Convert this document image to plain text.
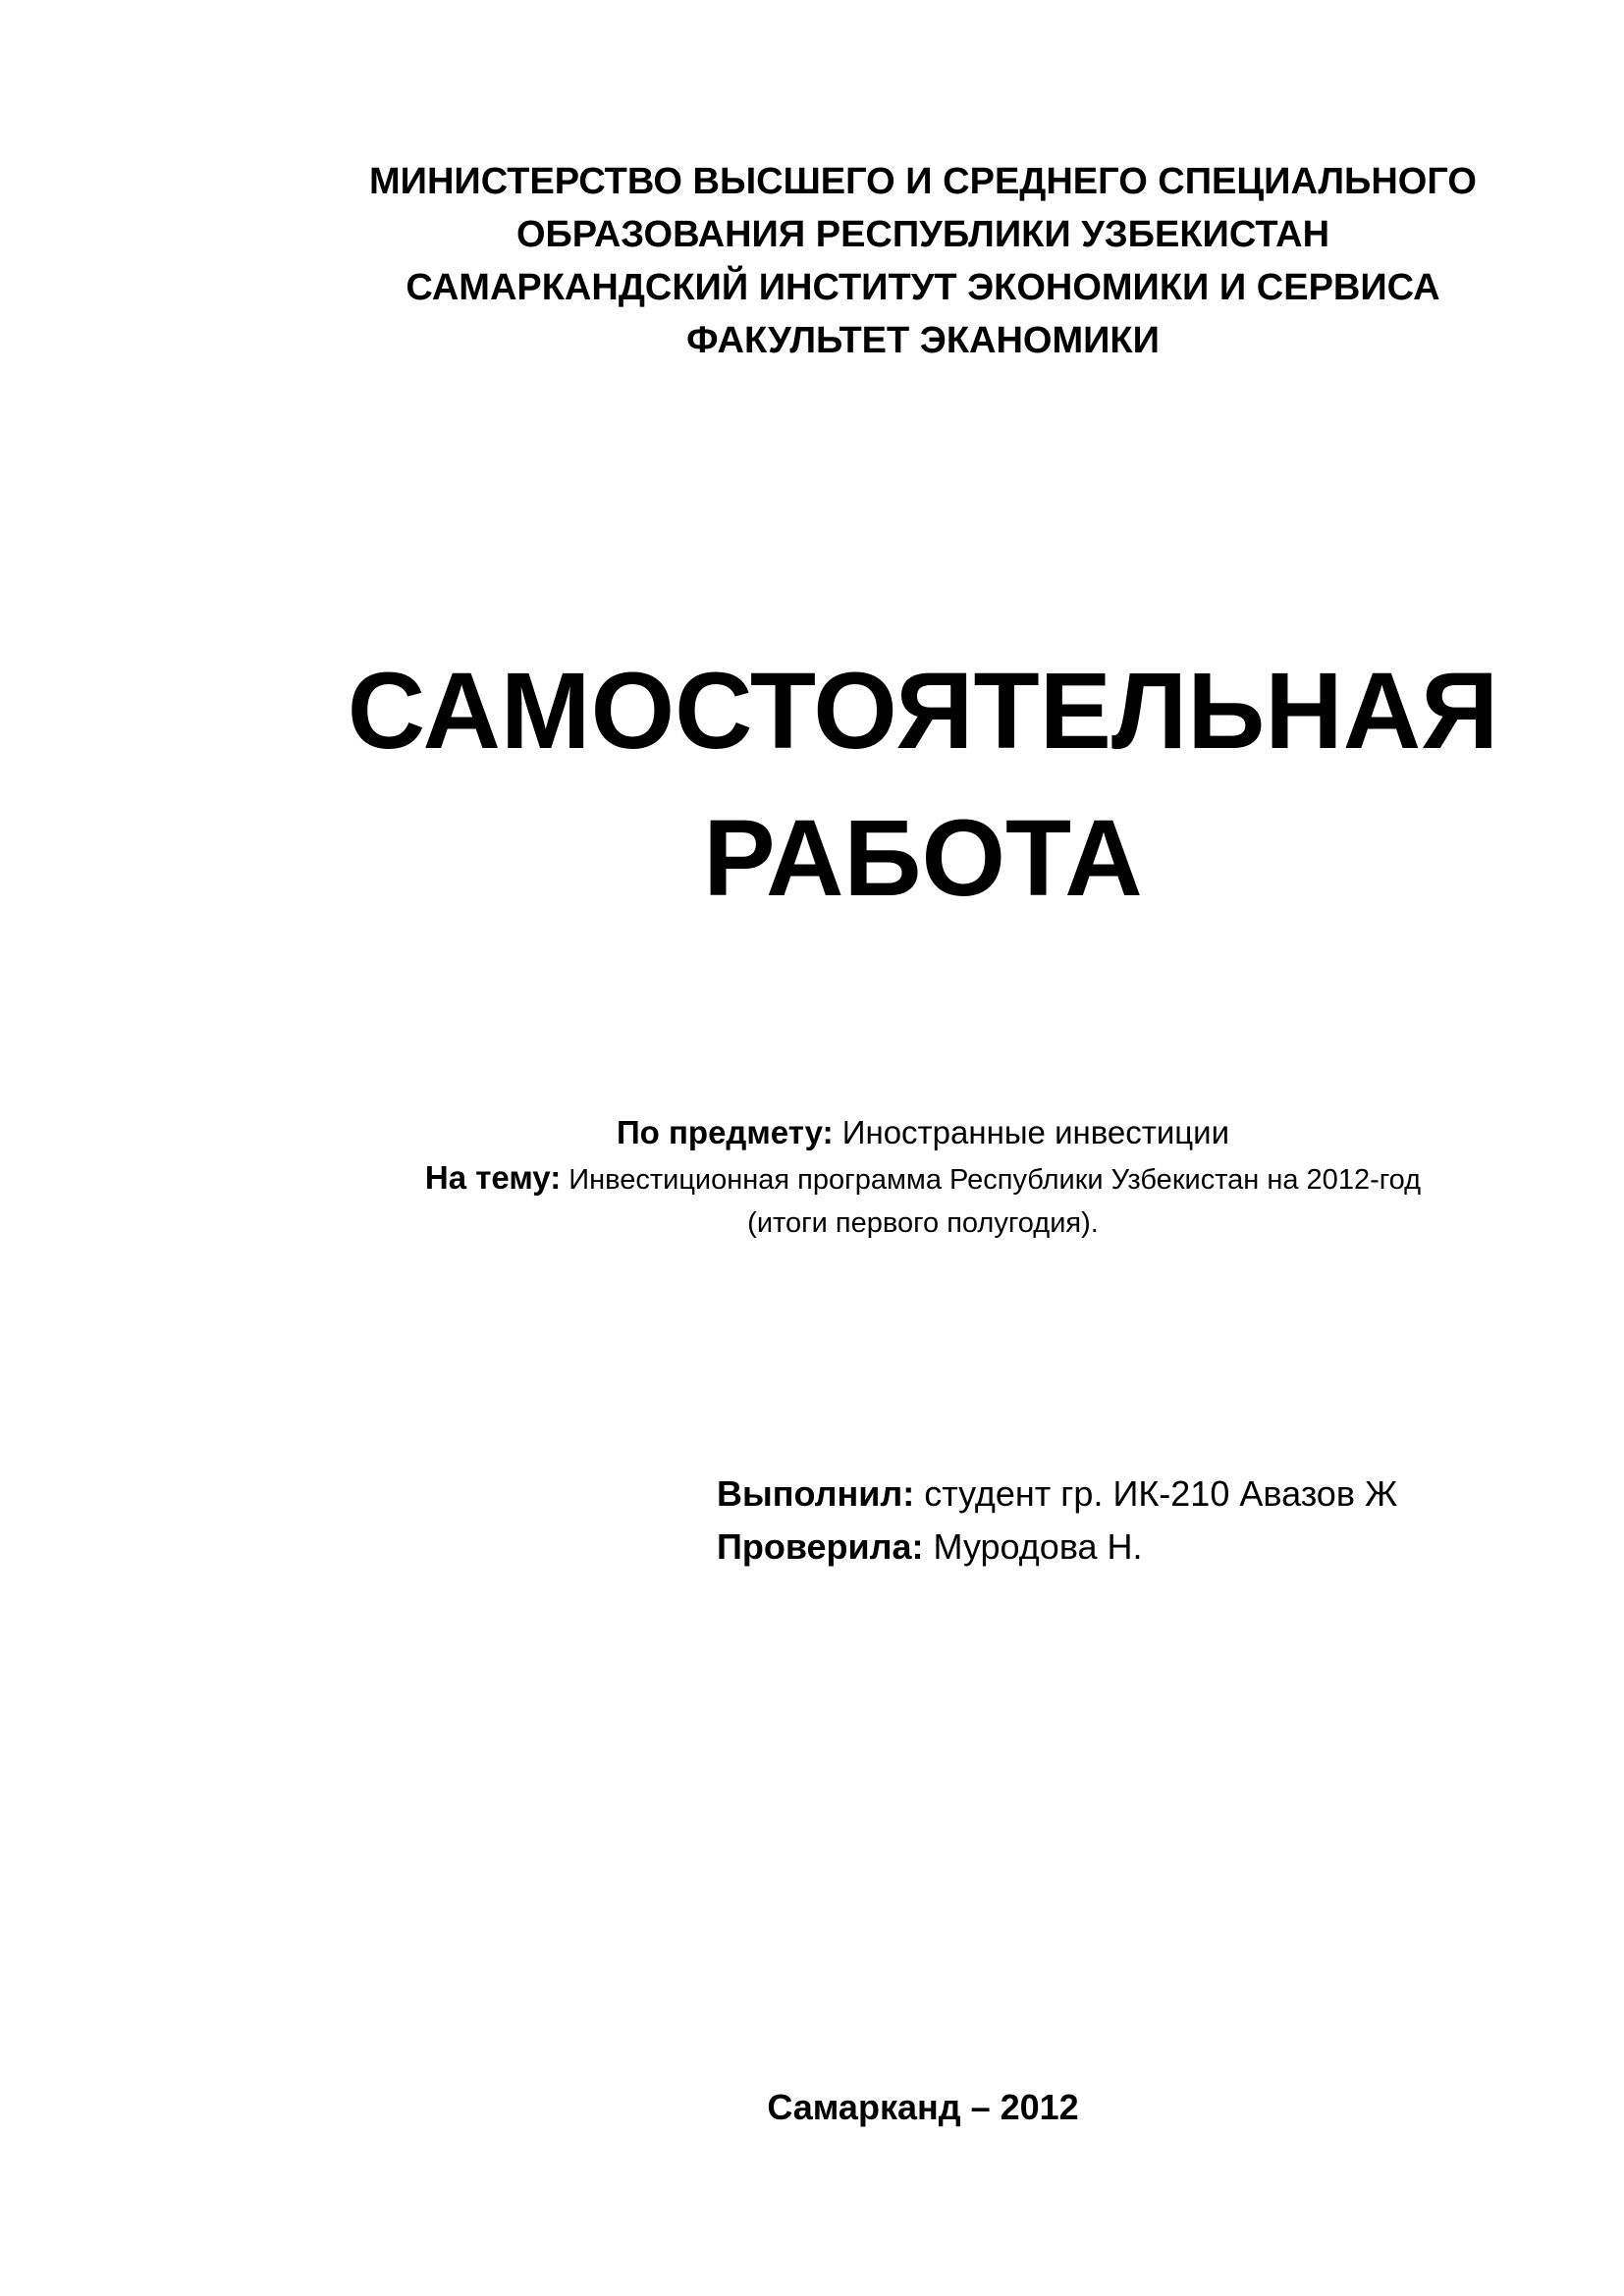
МИНИСТЕРСТВО ВЫСШЕГО И СРЕДНЕГО СПЕЦИАЛЬНОГО
ОБРАЗОВАНИЯ РЕСПУБЛИКИ УЗБЕКИСТАН
САМАРКАНДСКИЙ ИНСТИТУТ ЭКОНОМИКИ И СЕРВИСА
ФАКУЛЬТЕТ ЭКАНОМИКИ
САМОСТОЯТЕЛЬНАЯ
РАБОТА
По предмету: Иностранные инвестиции
На тему: Инвестиционная программа Республики Узбекистан на 2012-год
(итоги первого полугодия).
Выполнил: студент гр. ИК-210 Авазов Ж
Проверила: Муродова Н.
Самарканд – 2012
